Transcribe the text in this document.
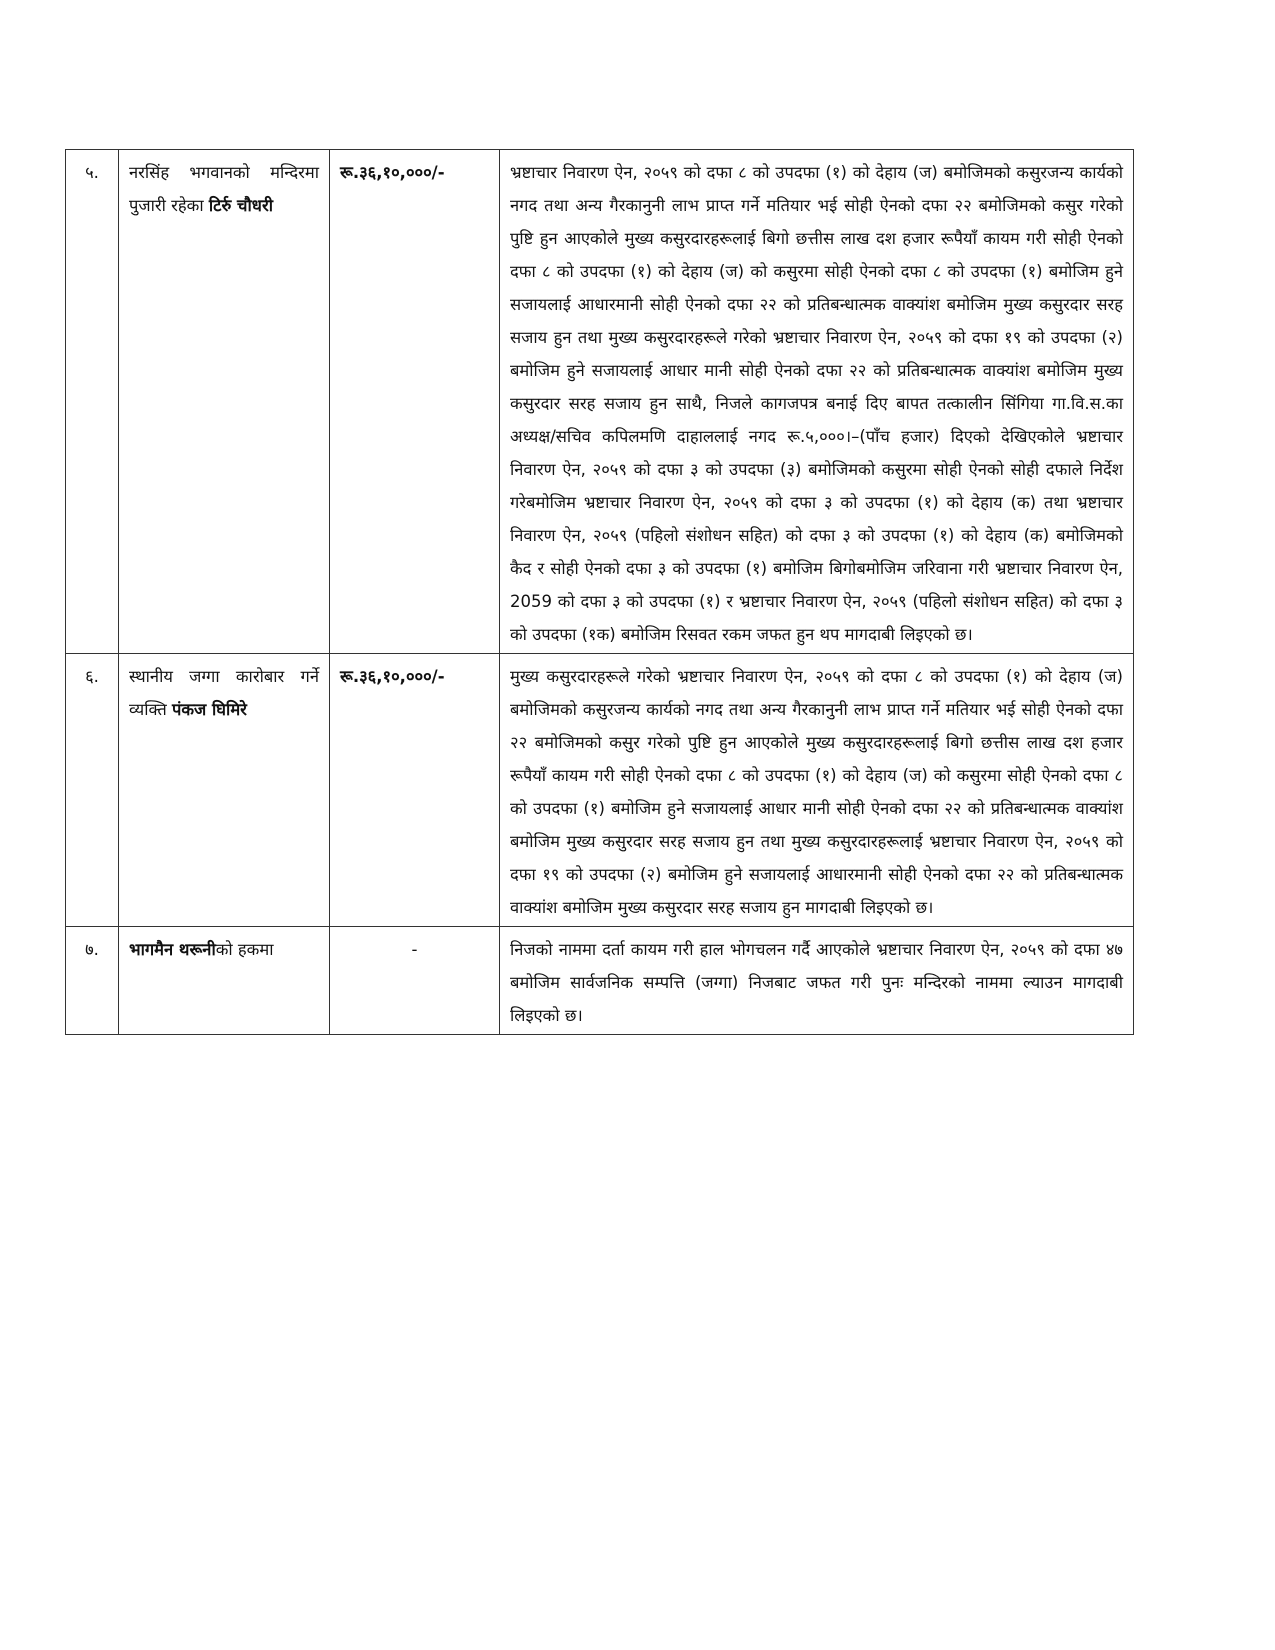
५.	नरसिंह भगवानको मन्दिरमा पुजारी रहेका टिर्रु चौधरी	रू.३६,१०,०००/-	भ्रष्टाचार निवारण ऐन, २०५९ को दफा ८ को उपदफा (१) को देहाय (ज) बमोजिमको कसुरजन्य कार्यको नगद तथा अन्य गैरकानुनी लाभ प्राप्त गर्ने मतियार भई सोही ऐनको दफा २२ बमोजिमको कसुर गरेको पुष्टि हुन आएकोले मुख्य कसुरदारहरूलाई बिगो छत्तीस लाख दश हजार रूपैयाँ कायम गरी सोही ऐनको दफा ८ को उपदफा (१) को देहाय (ज) को कसुरमा सोही ऐनको दफा ८ को उपदफा (१) बमोजिम हुने सजायलाई आधारमानी सोही ऐनको दफा २२ को प्रतिबन्धात्मक वाक्यांश बमोजिम मुख्य कसुरदार सरह सजाय हुन तथा मुख्य कसुरदारहरूले गरेको भ्रष्टाचार निवारण ऐन, २०५९ को दफा १९ को उपदफा (२) बमोजिम हुने सजायलाई आधार मानी सोही ऐनको दफा २२ को प्रतिबन्धात्मक वाक्यांश बमोजिम मुख्य कसुरदार सरह सजाय हुन साथै, निजले कागजपत्र बनाई दिए बापत तत्कालीन सिंगिया गा.वि.स.का अध्यक्ष/सचिव कपिलमणि दाहाललाई नगद रू.५,०००।–(पाँच हजार) दिएको देखिएकोले भ्रष्टाचार निवारण ऐन, २०५९ को दफा ३ को उपदफा (३) बमोजिमको कसुरमा सोही ऐनको सोही दफाले निर्देश गरेबमोजिम भ्रष्टाचार निवारण ऐन, २०५९ को दफा ३ को उपदफा (१) को देहाय (क) तथा भ्रष्टाचार निवारण ऐन, २०५९ (पहिलो संशोधन सहित) को दफा ३ को उपदफा (१) को देहाय (क) बमोजिमको कैद र सोही ऐनको दफा ३ को उपदफा (१) बमोजिम बिगोबमोजिम जरिवाना गरी भ्रष्टाचार निवारण ऐन, 2059 को दफा ३ को उपदफा (१) र भ्रष्टाचार निवारण ऐन, २०५९ (पहिलो संशोधन सहित) को दफा ३ को उपदफा (१क) बमोजिम रिसवत रकम जफत हुन थप मागदाबी लिइएको छ।
६.	स्थानीय जग्गा कारोबार गर्ने व्यक्ति पंकज घिमिरे	रू.३६,१०,०००/-	मुख्य कसुरदारहरूले गरेको भ्रष्टाचार निवारण ऐन, २०५९ को दफा ८ को उपदफा (१) को देहाय (ज) बमोजिमको कसुरजन्य कार्यको नगद तथा अन्य गैरकानुनी लाभ प्राप्त गर्ने मतियार भई सोही ऐनको दफा २२ बमोजिमको कसुर गरेको पुष्टि हुन आएकोले मुख्य कसुरदारहरूलाई बिगो छत्तीस लाख दश हजार रूपैयाँ कायम गरी सोही ऐनको दफा ८ को उपदफा (१) को देहाय (ज) को कसुरमा सोही ऐनको दफा ८ को उपदफा (१) बमोजिम हुने सजायलाई आधार मानी सोही ऐनको दफा २२ को प्रतिबन्धात्मक वाक्यांश बमोजिम मुख्य कसुरदार सरह सजाय हुन तथा मुख्य कसुरदारहरूलाई भ्रष्टाचार निवारण ऐन, २०५९ को दफा १९ को उपदफा (२) बमोजिम हुने सजायलाई आधारमानी सोही ऐनको दफा २२ को प्रतिबन्धात्मक वाक्यांश बमोजिम मुख्य कसुरदार सरह सजाय हुन मागदाबी लिइएको छ।
७.	भागमैन थरूनीको हकमा	-	निजको नाममा दर्ता कायम गरी हाल भोगचलन गर्दै आएकोले भ्रष्टाचार निवारण ऐन, २०५९ को दफा ४७ बमोजिम सार्वजनिक सम्पत्ति (जग्गा) निजबाट जफत गरी पुनः मन्दिरको नाममा ल्याउन मागदाबी लिइएको छ।
